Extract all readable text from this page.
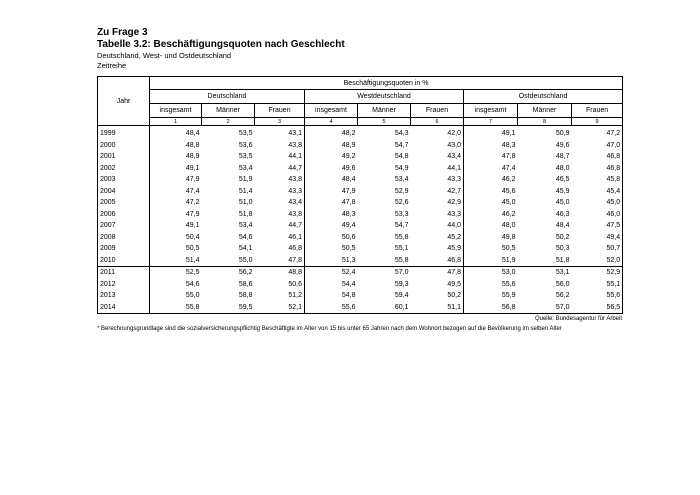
Zu Frage 3
Tabelle 3.2: Beschäftigungsquoten nach Geschlecht
Deutschland, West- und Ostdeutschland
Zeitreihe
Jahr	Beschäftigungsquoten in %								
	Deutschland			Westdeutschland			Ostdeutschland		
	insgesamt	Männer	Frauen	insgesamt	Männer	Frauen	insgesamt	Männer	Frauen
	1	2	3	4	5	6	7	8	9
1999	48,4	53,5	43,1	48,2	54,3	42,0	49,1	50,9	47,2
2000	48,8	53,6	43,8	48,9	54,7	43,0	48,3	49,6	47,0
2001	48,9	53,5	44,1	49,2	54,8	43,4	47,8	48,7	46,8
2002	49,1	53,4	44,7	49,6	54,9	44,1	47,4	48,0	46,8
2003	47,9	51,9	43,8	48,4	53,4	43,3	46,2	46,5	45,8
2004	47,4	51,4	43,3	47,9	52,9	42,7	45,6	45,9	45,4
2005	47,2	51,0	43,4	47,8	52,6	42,9	45,0	45,0	45,0
2006	47,9	51,8	43,8	48,3	53,3	43,3	46,2	46,3	46,0
2007	49,1	53,4	44,7	49,4	54,7	44,0	48,0	48,4	47,5
2008	50,4	54,6	46,1	50,6	55,8	45,2	49,8	50,2	49,4
2009	50,5	54,1	46,8	50,5	55,1	45,9	50,5	50,3	50,7
2010	51,4	55,0	47,8	51,3	55,8	46,8	51,9	51,8	52,0
2011	52,5	56,2	48,8	52,4	57,0	47,8	53,0	53,1	52,9
2012	54,6	58,6	50,6	54,4	59,3	49,5	55,6	56,0	55,1
2013	55,0	58,8	51,2	54,8	59,4	50,2	55,9	56,2	55,6
2014	55,8	59,5	52,1	55,6	60,1	51,1	56,8	57,0	56,5
Quelle: Bundesagentur für Arbeit
* Berechnungsgrundlage sind die sozialversicherungspflichtig Beschäftigte im Alter von 15 bis unter 65 Jahren nach dem Wohnort bezogen auf die Bevölkerung im selben Alter
